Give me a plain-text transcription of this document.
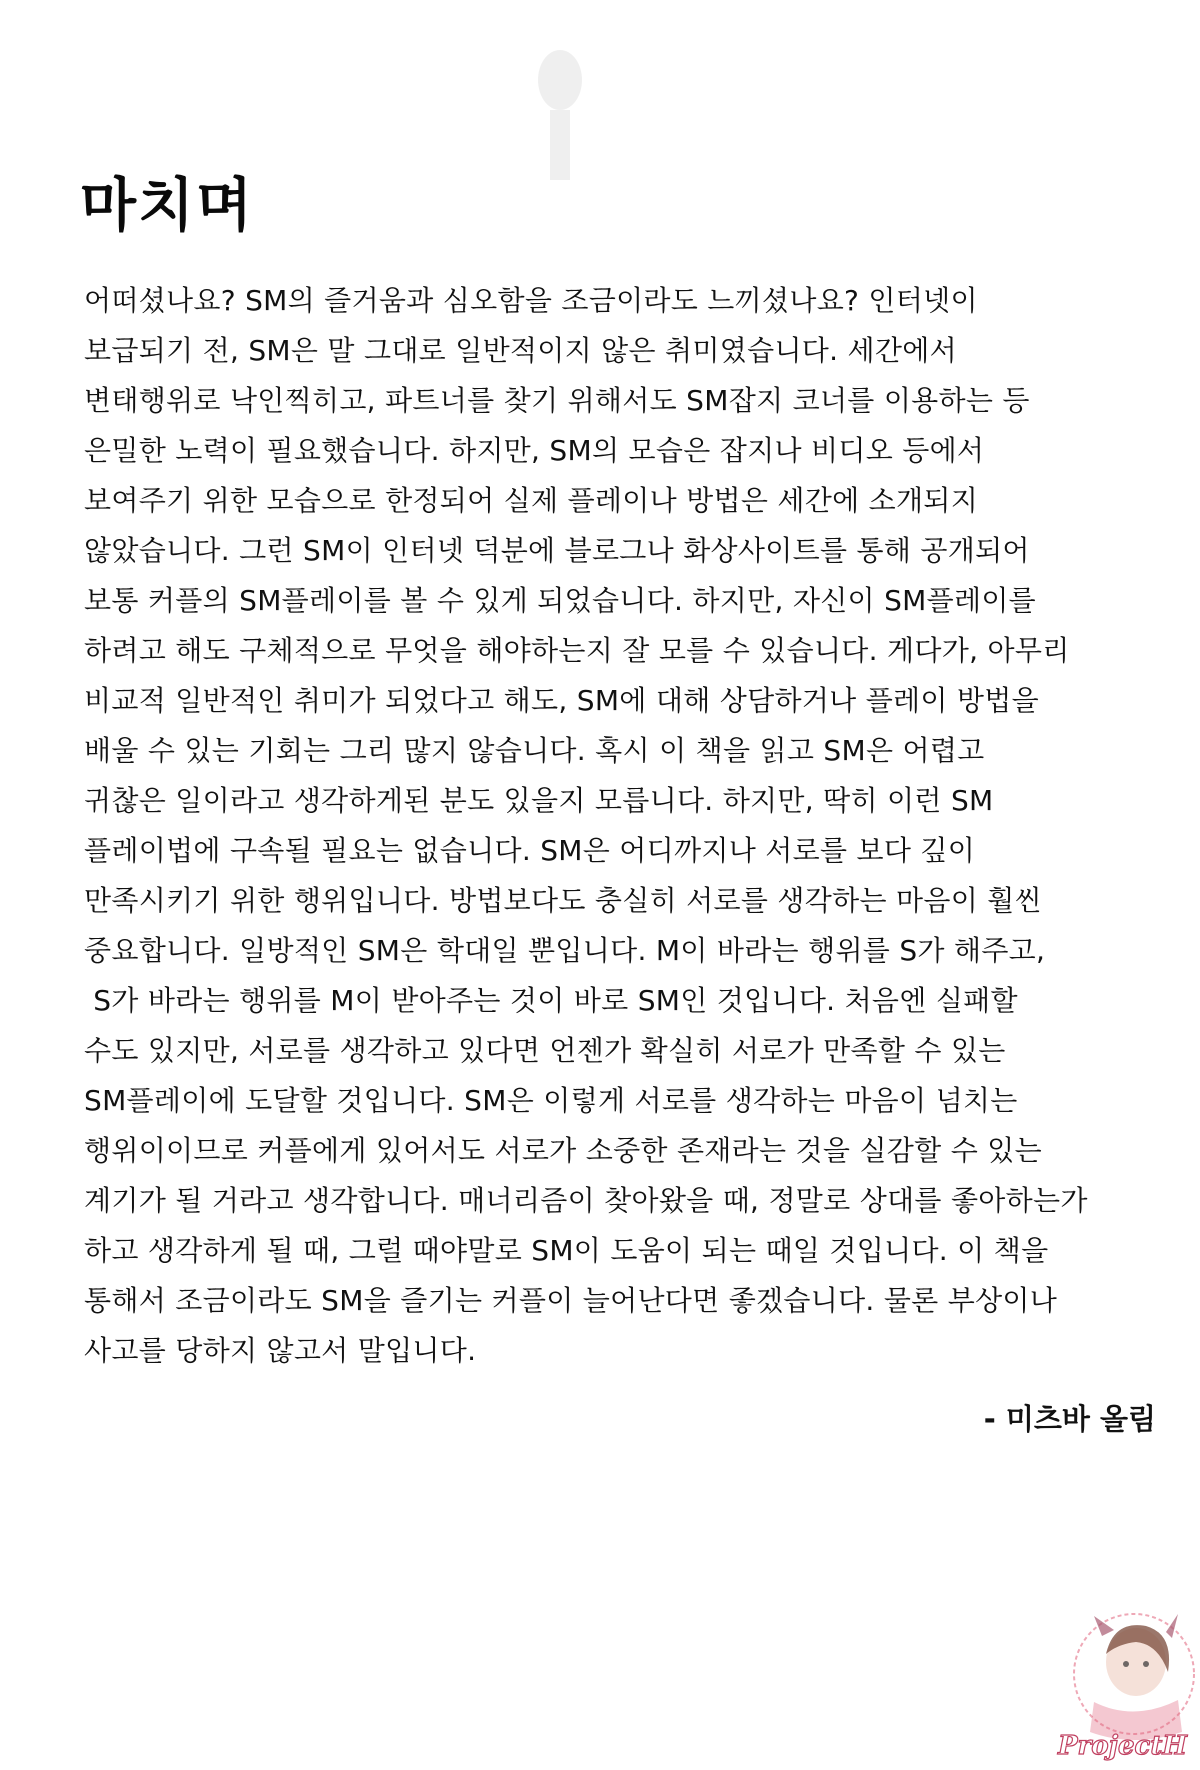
마치며
어떠셨나요? SM의 즐거움과 심오함을 조금이라도 느끼셨나요? 인터넷이
보급되기 전, SM은 말 그대로 일반적이지 않은 취미였습니다. 세간에서
변태행위로 낙인찍히고, 파트너를 찾기 위해서도 SM잡지 코너를 이용하는 등
은밀한 노력이 필요했습니다. 하지만, SM의 모습은 잡지나 비디오 등에서
보여주기 위한 모습으로 한정되어 실제 플레이나 방법은 세간에 소개되지
않았습니다. 그런 SM이 인터넷 덕분에 블로그나 화상사이트를 통해 공개되어
보통 커플의 SM플레이를 볼 수 있게 되었습니다. 하지만, 자신이 SM플레이를
하려고 해도 구체적으로 무엇을 해야하는지 잘 모를 수 있습니다. 게다가, 아무리
비교적 일반적인 취미가 되었다고 해도, SM에 대해 상담하거나 플레이 방법을
배울 수 있는 기회는 그리 많지 않습니다. 혹시 이 책을 읽고 SM은 어렵고
귀찮은 일이라고 생각하게된 분도 있을지 모릅니다. 하지만, 딱히 이런 SM
플레이법에 구속될 필요는 없습니다. SM은 어디까지나 서로를 보다 깊이
만족시키기 위한 행위입니다. 방법보다도 충실히 서로를 생각하는 마음이 훨씬
중요합니다. 일방적인 SM은 학대일 뿐입니다. M이 바라는 행위를 S가 해주고,
S가 바라는 행위를 M이 받아주는 것이 바로 SM인 것입니다. 처음엔 실패할
수도 있지만, 서로를 생각하고 있다면 언젠가 확실히 서로가 만족할 수 있는
SM플레이에 도달할 것입니다. SM은 이렇게 서로를 생각하는 마음이 넘치는
행위이이므로 커플에게 있어서도 서로가 소중한 존재라는 것을 실감할 수 있는
계기가 될 거라고 생각합니다. 매너리즘이 찾아왔을 때, 정말로 상대를 좋아하는가
하고 생각하게 될 때, 그럴 때야말로 SM이 도움이 되는 때일 것입니다. 이 책을
통해서 조금이라도 SM을 즐기는 커플이 늘어난다면 좋겠습니다. 물론 부상이나
사고를 당하지 않고서 말입니다.
- 미츠바 올림
ProjectH
